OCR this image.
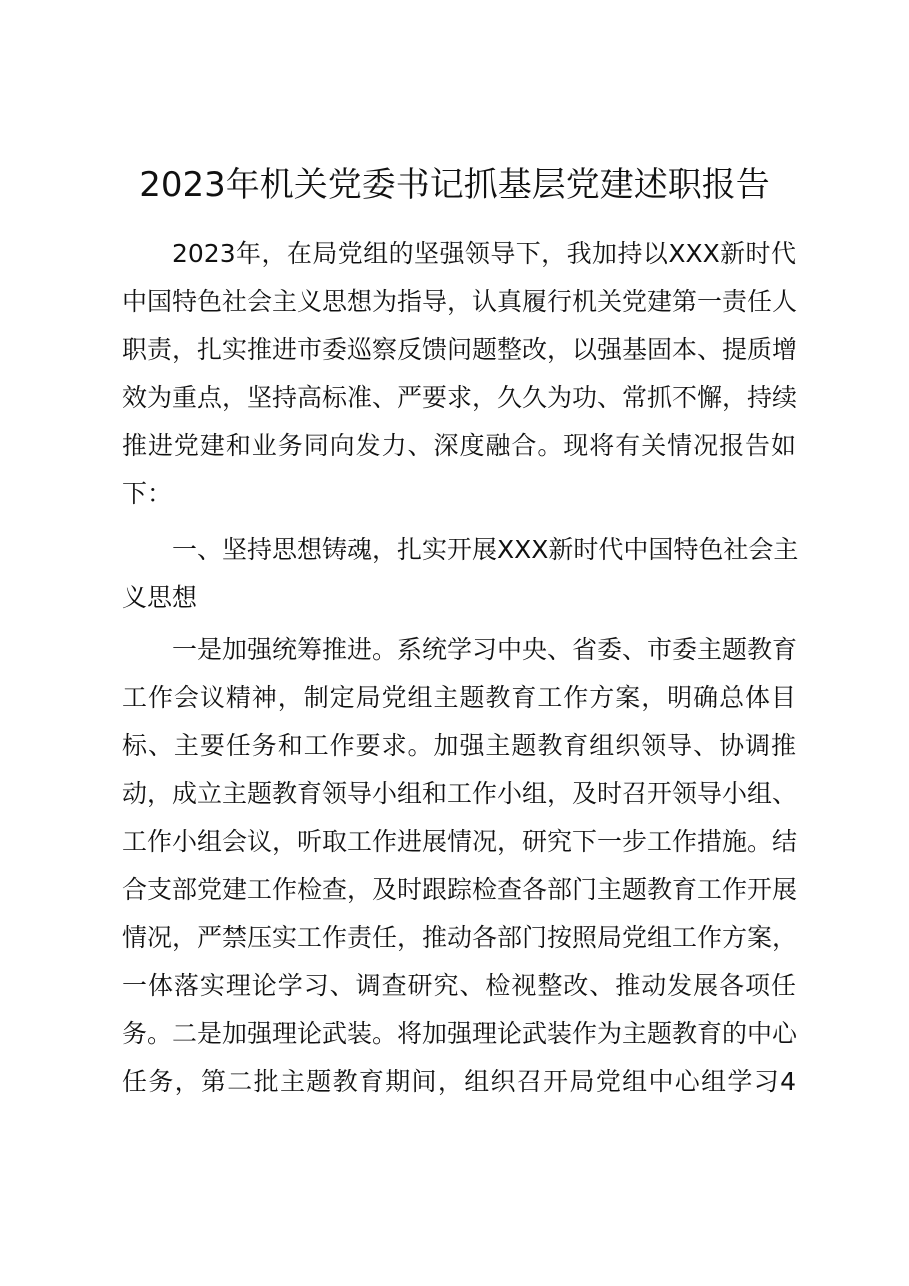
2023年机关党委书记抓基层党建述职报告
2023年，在局党组的坚强领导下，我加持以XXX新时代
中国特色社会主义思想为指导，认真履行机关党建第一责任人
职责，扎实推进市委巡察反馈问题整改，以强基固本、提质增
效为重点，坚持高标准、严要求，久久为功、常抓不懈，持续
推进党建和业务同向发力、深度融合。现将有关情况报告如
下：
一、坚持思想铸魂，扎实开展XXX新时代中国特色社会主
义思想
一是加强统筹推进。系统学习中央、省委、市委主题教育
工作会议精神，制定局党组主题教育工作方案，明确总体目
标、主要任务和工作要求。加强主题教育组织领导、协调推
动，成立主题教育领导小组和工作小组，及时召开领导小组、
工作小组会议，听取工作进展情况，研究下一步工作措施。结
合支部党建工作检查，及时跟踪检查各部门主题教育工作开展
情况，严禁压实工作责任，推动各部门按照局党组工作方案，
一体落实理论学习、调查研究、检视整改、推动发展各项任
务。二是加强理论武装。将加强理论武装作为主题教育的中心
任务，第二批主题教育期间，组织召开局党组中心组学习4
